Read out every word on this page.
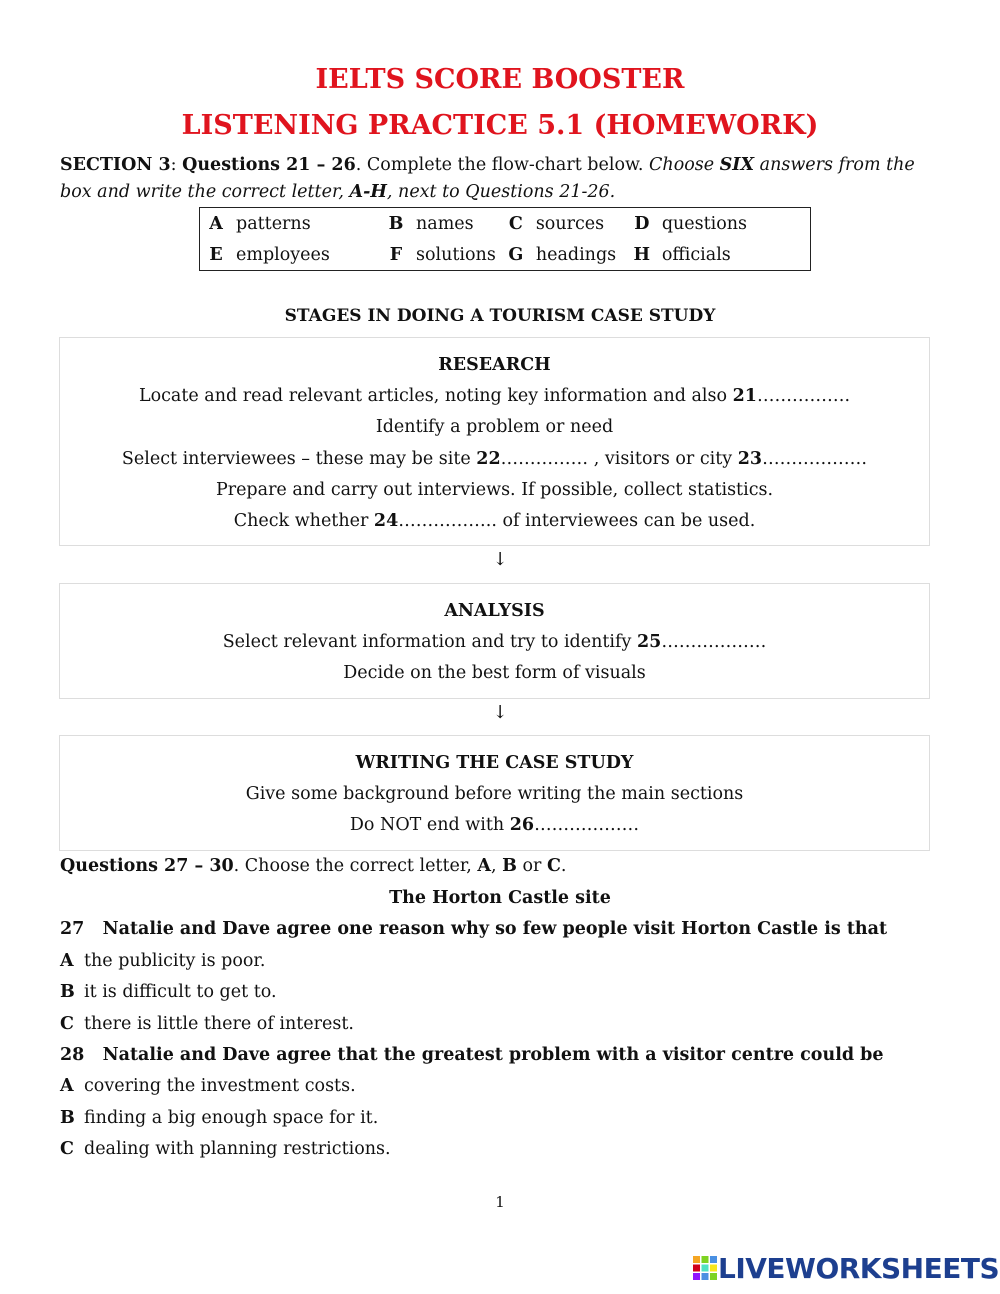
IELTS SCORE BOOSTER
LISTENING PRACTICE 5.1 (HOMEWORK)
SECTION 3: Questions 21 – 26. Complete the flow-chart below. Choose SIX answers from the box and write the correct letter, A-H, next to Questions 21-26.
A	patterns	B	names	C	sources	D	questions
E	employees	F	solutions	G	headings	H	officials
STAGES IN DOING A TOURISM CASE STUDY
RESEARCH
Locate and read relevant articles, noting key information and also 21…………….
Identify a problem or need
Select interviewees – these may be site 22…………… , visitors or city 23………………
Prepare and carry out interviews. If possible, collect statistics.
Check whether 24…………….. of interviewees can be used.
↓
ANALYSIS
Select relevant information and try to identify 25………………
Decide on the best form of visuals
↓
WRITING THE CASE STUDY
Give some background before writing the main sections
Do NOT end with 26………………
Questions 27 – 30. Choose the correct letter, A, B or C.
The Horton Castle site
27 Natalie and Dave agree one reason why so few people visit Horton Castle is that
A the publicity is poor.
B it is difficult to get to.
C there is little there of interest.
28 Natalie and Dave agree that the greatest problem with a visitor centre could be
A covering the investment costs.
B finding a big enough space for it.
C dealing with planning restrictions.
1
LIVEWORKSHEETS
